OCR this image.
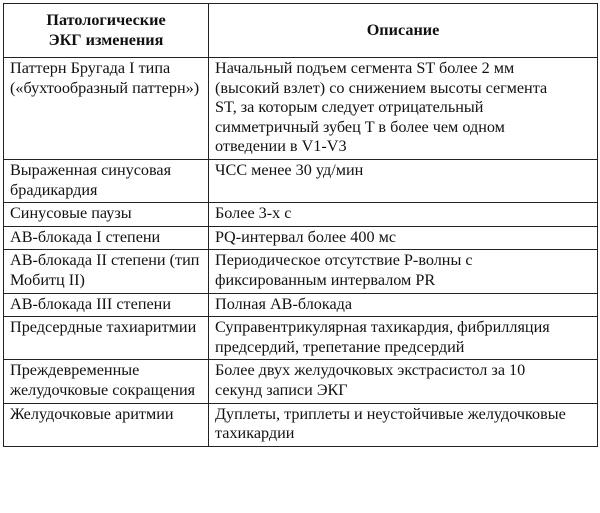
Патологические ЭКГ изменения	Описание

Паттерн Бругада I типа («бухтообразный паттерн»)	Начальный подъем сегмента ST более 2 мм (высокий взлет) со снижением высоты сегмента ST, за которым следует отрицательный симметричный зубец T в более чем одном отведении в V1-V3

Выраженная синусовая брадикардия	ЧСС менее 30 уд/мин

Синусовые паузы	Более 3-х с

АВ-блокада I степени	PQ-интервал более 400 мс

АВ-блокада II степени (тип Мобитц II)	Периодическое отсутствие P-волны с фиксированным интервалом PR

АВ-блокада III степени	Полная АВ-блокада

Предсердные тахиаритмии	Суправентрикулярная тахикардия, фибрилляция предсердий, трепетание предсердий

Преждевременные желудочковые сокращения	Более двух желудочковых экстрасистол за 10 секунд записи ЭКГ

Желудочковые аритмии	Дуплеты, триплеты и неустойчивые желудочковые тахикардии
